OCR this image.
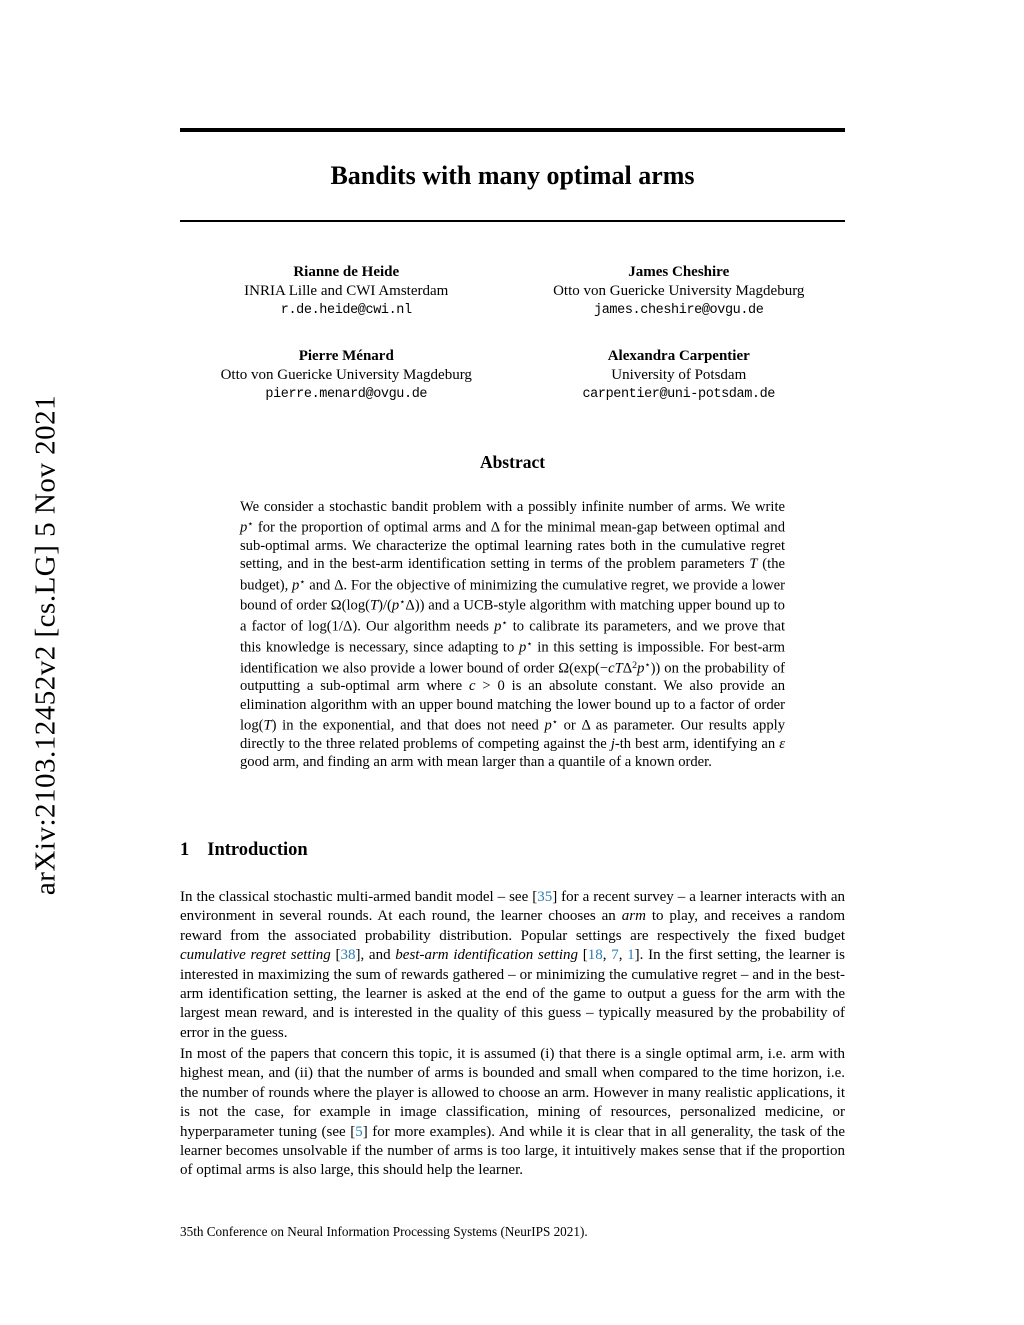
arXiv:2103.12452v2 [cs.LG] 5 Nov 2021
Bandits with many optimal arms
Rianne de Heide
INRIA Lille and CWI Amsterdam
r.de.heide@cwi.nl
James Cheshire
Otto von Guericke University Magdeburg
james.cheshire@ovgu.de
Pierre Ménard
Otto von Guericke University Magdeburg
pierre.menard@ovgu.de
Alexandra Carpentier
University of Potsdam
carpentier@uni-potsdam.de
Abstract

We consider a stochastic bandit problem with a possibly infinite number of arms. We write p⋆ for the proportion of optimal arms and Δ for the minimal mean-gap between optimal and sub-optimal arms. We characterize the optimal learning rates both in the cumulative regret setting, and in the best-arm identification setting in terms of the problem parameters T (the budget), p⋆ and Δ. For the objective of minimizing the cumulative regret, we provide a lower bound of order Ω(log(T)/(p⋆Δ)) and a UCB-style algorithm with matching upper bound up to a factor of log(1/Δ). Our algorithm needs p⋆ to calibrate its parameters, and we prove that this knowledge is necessary, since adapting to p⋆ in this setting is impossible. For best-arm identification we also provide a lower bound of order Ω(exp(−cTΔ$^2$p⋆)) on the probability of outputting a sub-optimal arm where c > 0 is an absolute constant. We also provide an elimination algorithm with an upper bound matching the lower bound up to a factor of order log(T) in the exponential, and that does not need p⋆ or Δ as parameter. Our results apply directly to the three related problems of competing against the j-th best arm, identifying an ε good arm, and finding an arm with mean larger than a quantile of a known order.

1 Introduction

In the classical stochastic multi-armed bandit model – see [35] for a recent survey – a learner interacts with an environment in several rounds. At each round, the learner chooses an arm to play, and receives a random reward from the associated probability distribution. Popular settings are respectively the fixed budget cumulative regret setting [38], and best-arm identification setting [18, 7, 1]. In the first setting, the learner is interested in maximizing the sum of rewards gathered – or minimizing the cumulative regret – and in the best-arm identification setting, the learner is asked at the end of the game to output a guess for the arm with the largest mean reward, and is interested in the quality of this guess – typically measured by the probability of error in the guess.

In most of the papers that concern this topic, it is assumed (i) that there is a single optimal arm, i.e. arm with highest mean, and (ii) that the number of arms is bounded and small when compared to the time horizon, i.e. the number of rounds where the player is allowed to choose an arm. However in many realistic applications, it is not the case, for example in image classification, mining of resources, personalized medicine, or hyperparameter tuning (see [5] for more examples). And while it is clear that in all generality, the task of the learner becomes unsolvable if the number of arms is too large, it intuitively makes sense that if the proportion of optimal arms is also large, this should help the learner.

35th Conference on Neural Information Processing Systems (NeurIPS 2021).
